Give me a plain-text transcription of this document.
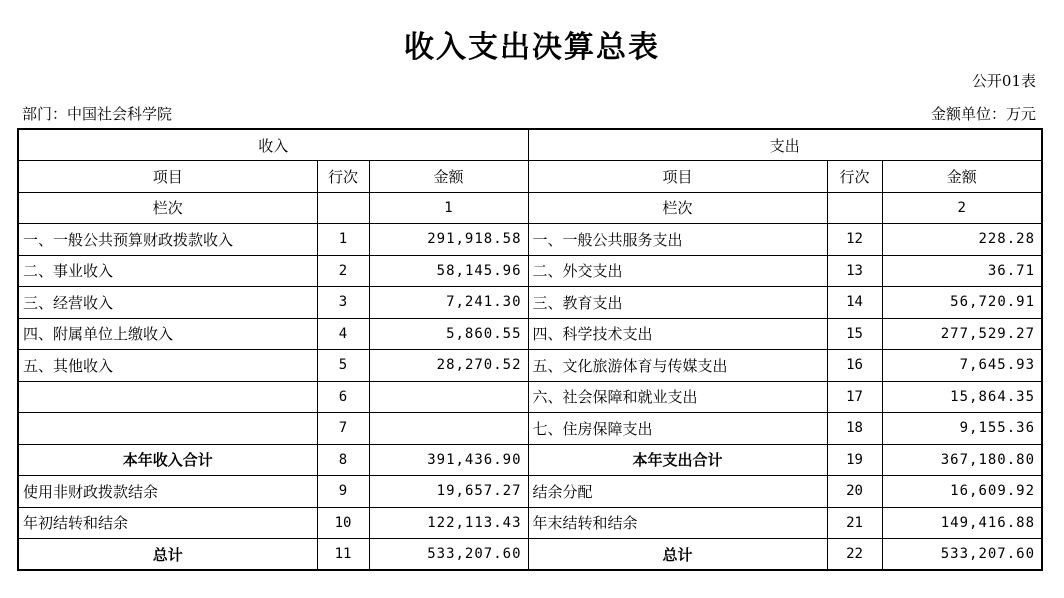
收入支出决算总表
公开01表
部门：中国社会科学院	金额单位：万元
收入			支出		
项目	行次	金额	项目	行次	金额
栏次		1	栏次		2
一、一般公共预算财政拨款收入	1	291,918.58	一、一般公共服务支出	12	228.28
二、事业收入	2	58,145.96	二、外交支出	13	36.71
三、经营收入	3	7,241.30	三、教育支出	14	56,720.91
四、附属单位上缴收入	4	5,860.55	四、科学技术支出	15	277,529.27
五、其他收入	5	28,270.52	五、文化旅游体育与传媒支出	16	7,645.93
	6		六、社会保障和就业支出	17	15,864.35
	7		七、住房保障支出	18	9,155.36
本年收入合计	8	391,436.90	本年支出合计	19	367,180.80
使用非财政拨款结余	9	19,657.27	结余分配	20	16,609.92
年初结转和结余	10	122,113.43	年末结转和结余	21	149,416.88
总计	11	533,207.60	总计	22	533,207.60
